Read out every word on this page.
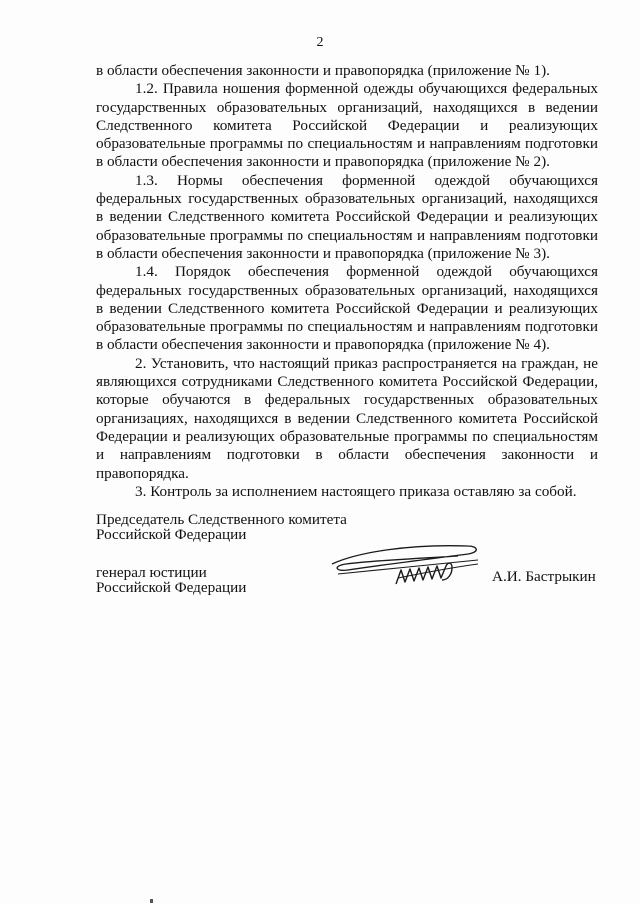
2

в области обеспечения законности и правопорядка (приложение № 1).

1.2. Правила ношения форменной одежды обучающихся федеральных государственных образовательных организаций, находящихся в ведении Следственного комитета Российской Федерации и реализующих образовательные программы по специальностям и направлениям подготовки в области обеспечения законности и правопорядка (приложение № 2).

1.3. Нормы обеспечения форменной одеждой обучающихся федеральных государственных образовательных организаций, находящихся в ведении Следственного комитета Российской Федерации и реализующих образовательные программы по специальностям и направлениям подготовки в области обеспечения законности и правопорядка (приложение № 3).

1.4. Порядок обеспечения форменной одеждой обучающихся федеральных государственных образовательных организаций, находящихся в ведении Следственного комитета Российской Федерации и реализующих образовательные программы по специальностям и направлениям подготовки в области обеспечения законности и правопорядка (приложение № 4).

2. Установить, что настоящий приказ распространяется на граждан, не являющихся сотрудниками Следственного комитета Российской Федерации, которые обучаются в федеральных государственных образовательных организациях, находящихся в ведении Следственного комитета Российской Федерации и реализующих образовательные программы по специальностям и направлениям подготовки в области обеспечения законности и правопорядка.

3. Контроль за исполнением настоящего приказа оставляю за собой.

Председатель Следственного комитета
Российской Федерации
генерал юстиции
Российской Федерации
А.И. Бастрыкин
